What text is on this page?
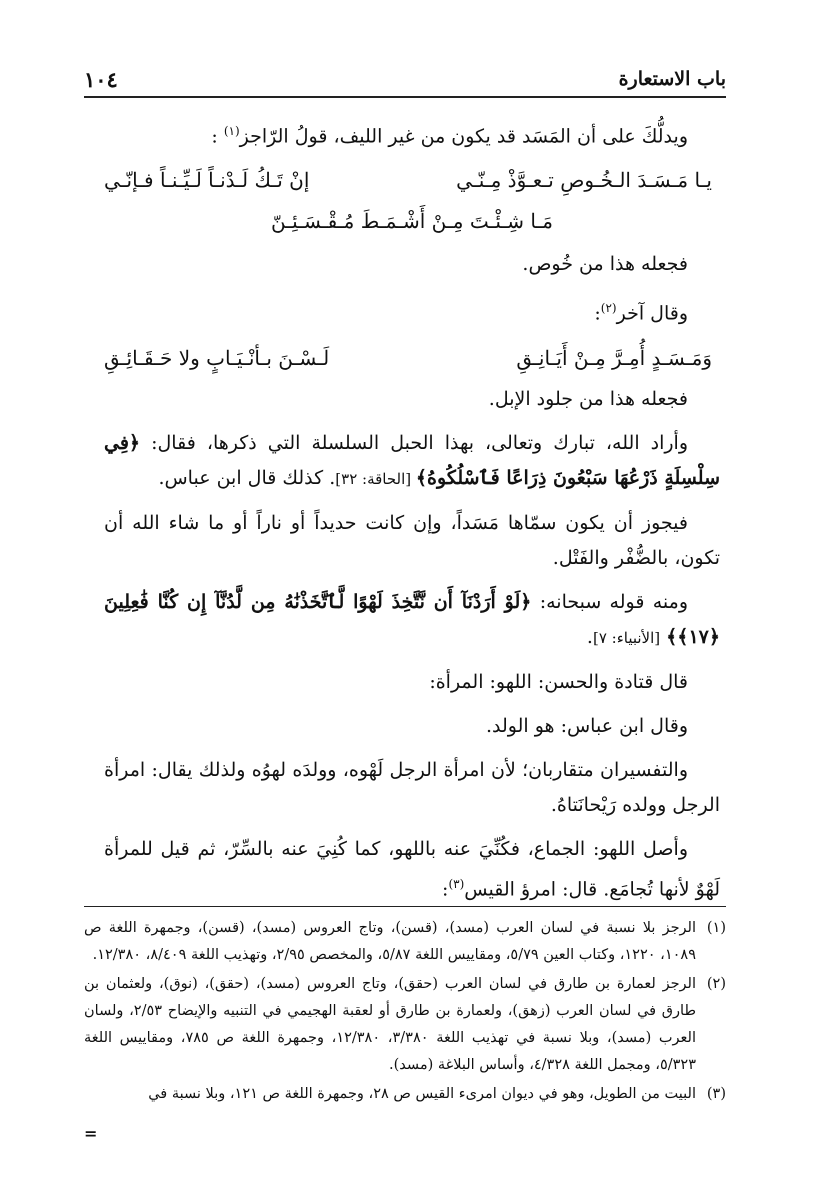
باب الاستعارة
١٠٤

ويدلُّكَ على أن المَسَد قد يكون من غير الليف، قولُ الرّاجز$^{(١)}$ :

يـا مَـسَـدَ الـخُـوصِ تـعـوَّذْ مِـنّـي
إنْ تَـكُ لَـدْنـاً لَـيِّـنـاً فـإنّـي
مَـا شِـئْـتَ مِـنْ أَشْـمَـطَ مُـقْـسَـئِـنّ

فجعله هذا من خُوص.

وقال آخر$^{(٢)}$:

وَمَـسَـدٍ أُمِـرَّ مِـنْ أَيَـانِـقِ
لَـسْـنَ بـأنْـيَـابٍ ولا حَـقَـائِـقِ

فجعله هذا من جلود الإبل.

وأراد الله، تبارك وتعالى، بهذا الحبل السلسلة التي ذكرها، فقال: ﴿فِي سِلْسِلَةٍ ذَرْعُهَا سَبْعُونَ ذِرَاعًا فَٱسْلُكُوهُ﴾ [الحاقة: ٣٢]. كذلك قال ابن عباس.

فيجوز أن يكون سمّاها مَسَداً، وإن كانت حديداً أو ناراً أو ما شاء الله أن تكون، بالضُّفْر والفَتْل.

ومنه قوله سبحانه: ﴿لَوْ أَرَدْنَآ أَن نَّتَّخِذَ لَهْوًا لَّٱتَّخَذْنَٰهُ مِن لَّدُنَّآ إِن كُنَّا فَٰعِلِينَ ﴿١٧﴾﴾ [الأنبياء: ٧].

قال قتادة والحسن: اللهو: المرأة:

وقال ابن عباس: هو الولد.

والتفسيران متقاربان؛ لأن امرأة الرجل لَهْوه، وولدَه لهوُه ولذلك يقال: امرأة الرجل وولده رَيْحانَتاهُ.

وأصل اللهو: الجماع، فكُنِّيَ عنه باللهو، كما كُنِيَ عنه بالسِّرّ، ثم قيل للمرأة لَهْوٌ لأنها تُجامَع. قال: امرؤ القيس$^{(٣)}$:

(١)
الرجز بلا نسبة في لسان العرب (مسد)، (قسن)، وتاج العروس (مسد)، (قسن)، وجمهرة اللغة ص ١٠٨٩، ١٢٢٠، وكتاب العين ٥/٧٩، ومقاييس اللغة ٥/٨٧، والمخصص ٢/٩٥، وتهذيب اللغة ٨/٤٠٩، ١٢/٣٨٠.
(٢)
الرجز لعمارة بن طارق في لسان العرب (حقق)، وتاج العروس (مسد)، (حقق)، (نوق)، ولعثمان بن طارق في لسان العرب (زهق)، ولعمارة بن طارق أو لعقبة الهجيمي في التنبيه والإيضاح ٢/٥٣، ولسان العرب (مسد)، وبلا نسبة في تهذيب اللغة ٣/٣٨٠، ١٢/٣٨٠، وجمهرة اللغة ص ٧٨٥، ومقاييس اللغة ٥/٣٢٣، ومجمل اللغة ٤/٣٢٨، وأساس البلاغة (مسد).
(٣)
البيت من الطويل، وهو في ديوان امرىء القيس ص ٢٨، وجمهرة اللغة ص ١٢١، وبلا نسبة في
=
